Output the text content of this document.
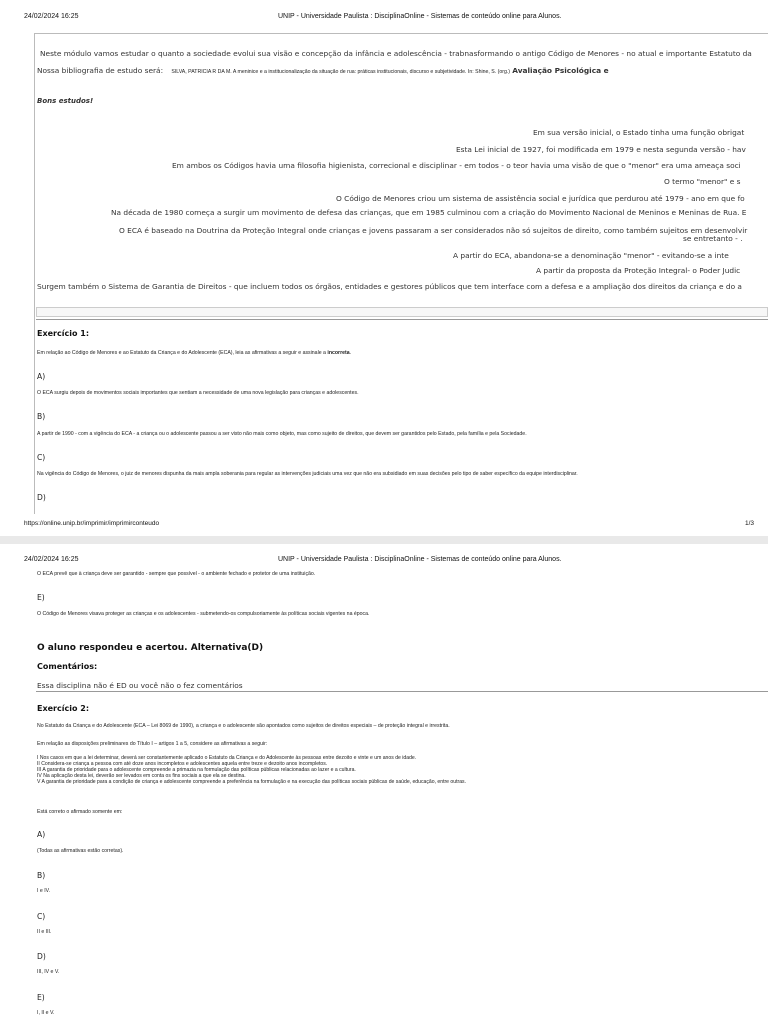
24/02/2024 16:25	UNIP - Universidade Paulista : DisciplinaOnline - Sistemas de conteúdo online para Alunos.
Neste módulo vamos estudar o quanto a sociedade evolui sua visão e concepção da infância e adolescência - trabnasformando o antigo Código de Menores - no atual e importante Estatuto da
Nossa bibliografia de estudo será: SILVA, PATRICIA R DA M. A meninice e a institucionalização da situação de rua: práticas institucionais, discurso e subjetividade. In: Shine, S. (org.) Avaliação Psicológica e
Bons estudos!
Em sua versão inicial, o Estado tinha uma função obrigat
Esta Lei inicial de 1927, foi modificada em 1979 e nesta segunda versão - hav
Em ambos os Códigos havia uma filosofia higienista, correcional e disciplinar - em todos - o teor havia uma visão de que o "menor" era uma ameaça soci
O termo "menor" e s
O Código de Menores criou um sistema de assistência social e jurídica que perdurou até 1979 - ano em que fo
Na década de 1980 começa a surgir um movimento de defesa das crianças, que em 1985 culminou com a criação do Movimento Nacional de Meninos e Meninas de Rua. E
O ECA é baseado na Doutrina da Proteção Integral onde crianças e jovens passaram a ser considerados não só sujeitos de direito, como também sujeitos em desenvolvir
se entretanto - .
A partir do ECA, abandona-se a denominação "menor" - evitando-se a inte
A partir da proposta da Proteção Integral- o Poder Judic
Surgem também o Sistema de Garantia de Direitos - que incluem todos os órgãos, entidades e gestores públicos que tem interface com a defesa e a ampliação dos direitos da criança e do a
Exercício 1:
Em relação ao Código de Menores e ao Estatuto da Criança e do Adolescente (ECA), leia as afirmativas a seguir e assinale a incorreta.
A)
O ECA surgiu depois de movimentos sociais importantes que sentiam a necessidade de uma nova legislação para crianças e adolescentes.
B)
A partir de 1990 - com a vigência do ECA - a criança ou o adolescente passou a ser visto não mais como objeto, mas como sujeito de direitos, que devem ser garantidos pelo Estado, pela família e pela Sociedade.
C)
Na vigência do Código de Menores, o juiz de menores dispunha da mais ampla soberania para regular as intervenções judiciais uma vez que não era subsidiado em suas decisões pelo tipo de saber específico da equipe interdisciplinar.
D)
https://online.unip.br/imprimir/imprimirconteudo	1/3
24/02/2024 16:25	UNIP - Universidade Paulista : DisciplinaOnline - Sistemas de conteúdo online para Alunos.
O ECA prevê que à criança deve ser garantido - sempre que possível - o ambiente fechado e protetor de uma instituição.
E)
O Código de Menores visava proteger as crianças e os adolescentes - submetendo-os compulsoriamente às políticas sociais vigentes na época.
O aluno respondeu e acertou. Alternativa(D)
Comentários:
Essa disciplina não é ED ou você não o fez comentários
Exercício 2:
No Estatuto da Criança e do Adolescente (ECA – Lei 8069 de 1990), a criança e o adolescente são apontados como sujeitos de direitos especiais – de proteção integral e irrestrita.
Em relação as disposições preliminares do Título I – artigos 1 a 5, considere as afirmativas a seguir:
I Nos casos em que a lei determinar, deverá ser constantemente aplicado o Estatuto da Criança e do Adolescente às pessoas entre dezoito e vinte e um anos de idade.
II Considera-se criança a pessoa com até doze anos incompletos e adolescentes aquela entre treze e dezoito anos incompletos.
III A garantia de prioridade para o adolescente compreende a primazia na formulação das políticas públicas relacionadas ao lazer e a cultura.
IV Na aplicação desta lei, deverão ser levados em conta os fins sociais a que ela se destina.
V A garantia de prioridade para a condição de criança e adolescente compreende a preferência na formulação e na execução das políticas sociais públicas de saúde, educação, entre outras.
Está correto o afirmado somente em:
A)
(Todas as afirmativas estão corretas).
B)
I e IV.
C)
II e III.
D)
III, IV e V.
E)
I, II e V.
